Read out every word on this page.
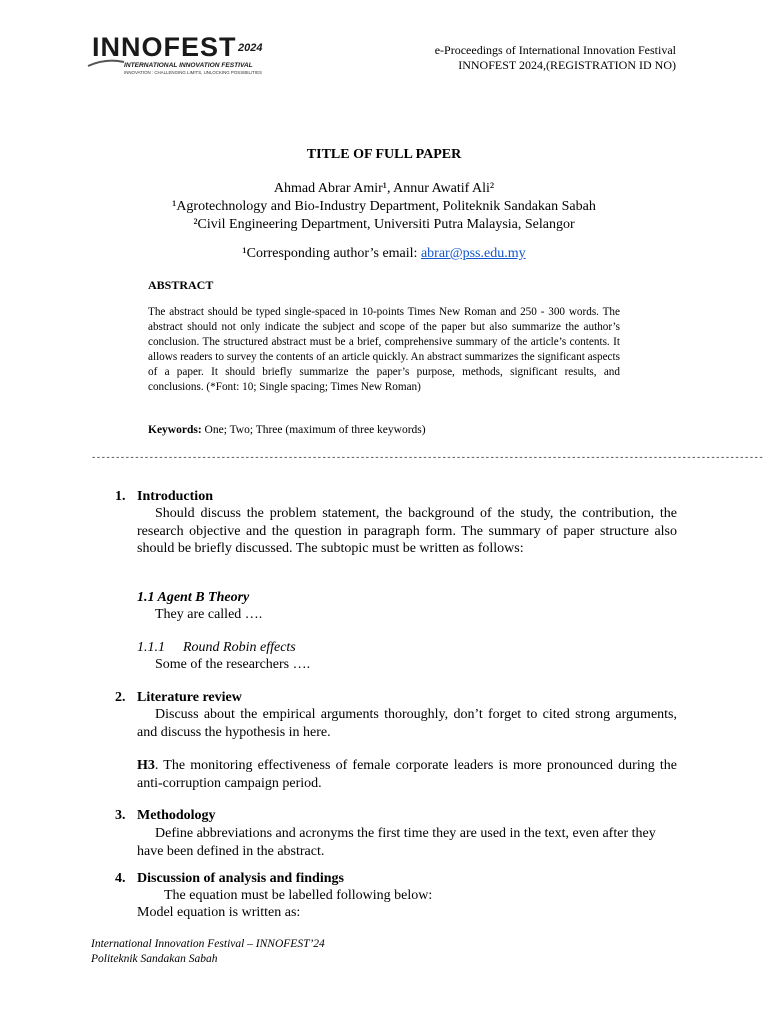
INNOFEST 2024
INTERNATIONAL INNOVATION FESTIVAL
INNOVATION : CHALLENGING LIMITS, UNLOCKING POSSIBILITIES
e-Proceedings of International Innovation Festival
INNOFEST 2024,(REGISTRATION ID NO)
TITLE OF FULL PAPER
Ahmad Abrar Amir¹, Annur Awatif Ali²
¹Agrotechnology and Bio-Industry Department, Politeknik Sandakan Sabah
²Civil Engineering Department, Universiti Putra Malaysia, Selangor
¹Corresponding author’s email: abrar@pss.edu.my
ABSTRACT
The abstract should be typed single-spaced in 10-points Times New Roman and 250 - 300 words. The abstract should not only indicate the subject and scope of the paper but also summarize the author’s conclusion. The structured abstract must be a brief, comprehensive summary of the article’s contents. It allows readers to survey the contents of an article quickly. An abstract summarizes the significant aspects of a paper. It should briefly summarize the paper’s purpose, methods, significant results, and conclusions. (*Font: 10; Single spacing; Times New Roman)
Keywords: One; Two; Three (maximum of three keywords)
--------------------------------------------------------------------------------------------------------------------------------------------
1. Introduction
Should discuss the problem statement, the background of the study, the contribution, the research objective and the question in paragraph form. The summary of paper structure also should be briefly discussed. The subtopic must be written as follows:
1.1 Agent B Theory
They are called ….
1.1.1 Round Robin effects
Some of the researchers ….
2. Literature review
Discuss about the empirical arguments thoroughly, don’t forget to cited strong arguments, and discuss the hypothesis in here.
H3. The monitoring effectiveness of female corporate leaders is more pronounced during the anti-corruption campaign period.
3. Methodology
Define abbreviations and acronyms the first time they are used in the text, even after they have been defined in the abstract.
4. Discussion of analysis and findings
The equation must be labelled following below:
Model equation is written as:
International Innovation Festival – INNOFEST’24
Politeknik Sandakan Sabah
